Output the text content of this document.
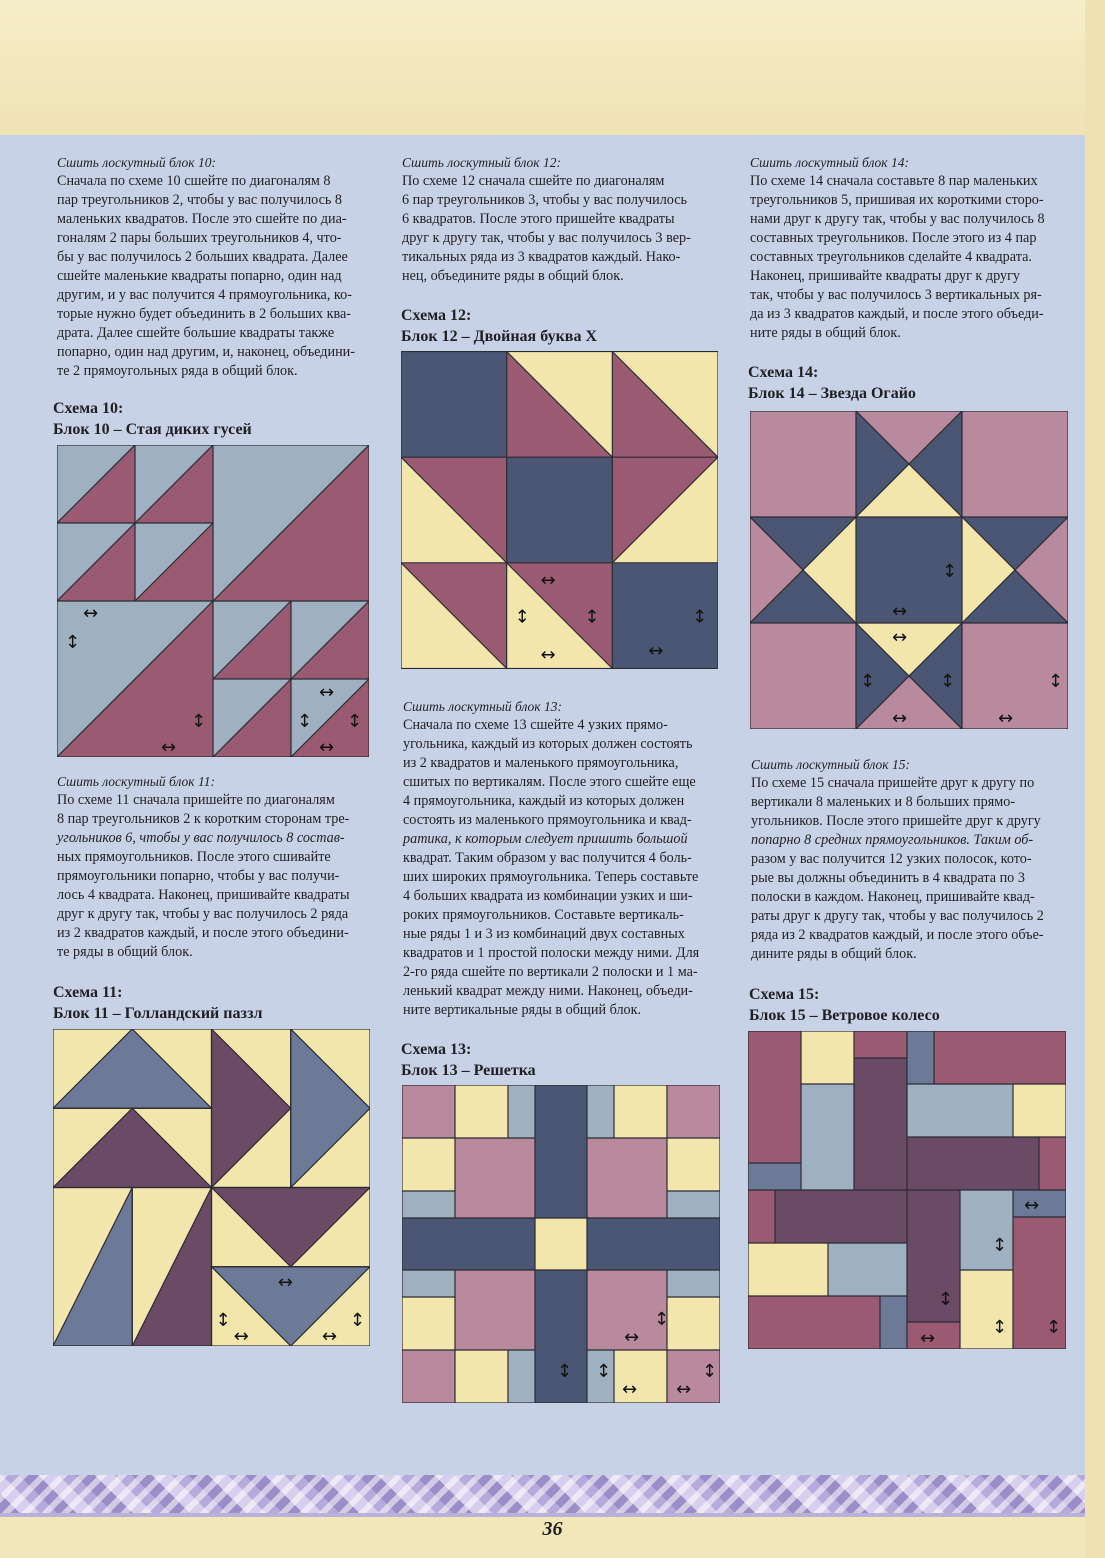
Сшить лоскутный блок 10:

Сначала по схеме 10 сшейте по диагоналям 8

пар треугольников 2, чтобы у вас получилось 8

маленьких квадратов. После это сшейте по диа-

гоналям 2 пары больших треугольников 4, что-

бы у вас получилось 2 больших квадрата. Далее

сшейте маленькие квадраты попарно, один над

другим, и у вас получится 4 прямоугольника, ко-

торые нужно будет объединить в 2 больших ква-

драта. Далее сшейте большие квадраты также

попарно, один над другим, и, наконец, объедини-

те 2 прямоугольных ряда в общий блок.

Схема 10:

Блок 10 – Стая диких гусей

↔
↕
↕
↔
↔
↕ ↕
↔

Сшить лоскутный блок 11:

По схеме 11 сначала пришейте по диагоналям

8 пар треугольников 2 к коротким сторонам тре-

угольников 6, чтобы у вас получилось 8 состав-

ных прямоугольников. После этого сшивайте

прямоугольники попарно, чтобы у вас получи-

лось 4 квадрата. Наконец, пришивайте квадраты

друг к другу так, чтобы у вас получилось 2 ряда

из 2 квадратов каждый, и после этого объедини-

те ряды в общий блок.

Схема 11:

Блок 11 – Голландский паззл

↔
↕
↔
↕
↔

Сшить лоскутный блок 12:

По схеме 12 сначала сшейте по диагоналям

6 пар треугольников 3, чтобы у вас получилось

6 квадратов. После этого пришейте квадраты

друг к другу так, чтобы у вас получилось 3 вер-

тикальных ряда из 3 квадратов каждый. Нако-

нец, объедините ряды в общий блок.

Схема 12:

Блок 12 – Двойная буква Х

↔
↕	↕
↔
↕
↔

Сшить лоскутный блок 13:

Сначала по схеме 13 сшейте 4 узких прямо-

угольника, каждый из которых должен состоять

из 2 квадратов и маленького прямоугольника,

сшитых по вертикалям. После этого сшейте еще

4 прямоугольника, каждый из которых должен

состоять из маленького прямоугольника и квад-

ратика, к которым следует пришить большой

квадрат. Таким образом у вас получится 4 боль-

ших широких прямоугольника. Теперь составьте

4 больших квадрата из комбинации узких и ши-

роких прямоугольников. Составьте вертикаль-

ные ряды 1 и 3 из комбинаций двух составных

квадратов и 1 простой полоски между ними. Для

2-го ряда сшейте по вертикали 2 полоски и 1 ма-

ленький квадрат между ними. Наконец, объеди-

ните вертикальные ряды в общий блок.

Схема 13:

Блок 13 – Решетка

↕
↔
↕ ↕
↔
↕
↔

Сшить лоскутный блок 14:

По схеме 14 сначала составьте 8 пар маленьких

треугольников 5, пришивая их короткими сторо-

нами друг к другу так, чтобы у вас получилось 8

составных треугольников. После этого из 4 пар

составных треугольников сделайте 4 квадрата.

Наконец, пришивайте квадраты друг к другу

так, чтобы у вас получилось 3 вертикальных ря-

да из 3 квадратов каждый, и после этого объеди-

ните ряды в общий блок.

Схема 14:

Блок 14 – Звезда Огайо

↕
↔
↔
↕	↕	↕
↔	↔

Сшить лоскутный блок 15:

По схеме 15 сначала пришейте друг к другу по

вертикали 8 маленьких и 8 больших прямо-

угольников. После этого пришейте друг к другу

попарно 8 средних прямоугольников. Таким об-

разом у вас получится 12 узких полосок, кото-

рые вы должны объединить в 4 квадрата по 3

полоски в каждом. Наконец, пришивайте квад-

раты друг к другу так, чтобы у вас получилось 2

ряда из 2 квадратов каждый, и после этого объе-

дините ряды в общий блок.

Схема 15:

Блок 15 – Ветровое колесо

↔
↕
↕
↕ ↕
↔
36
